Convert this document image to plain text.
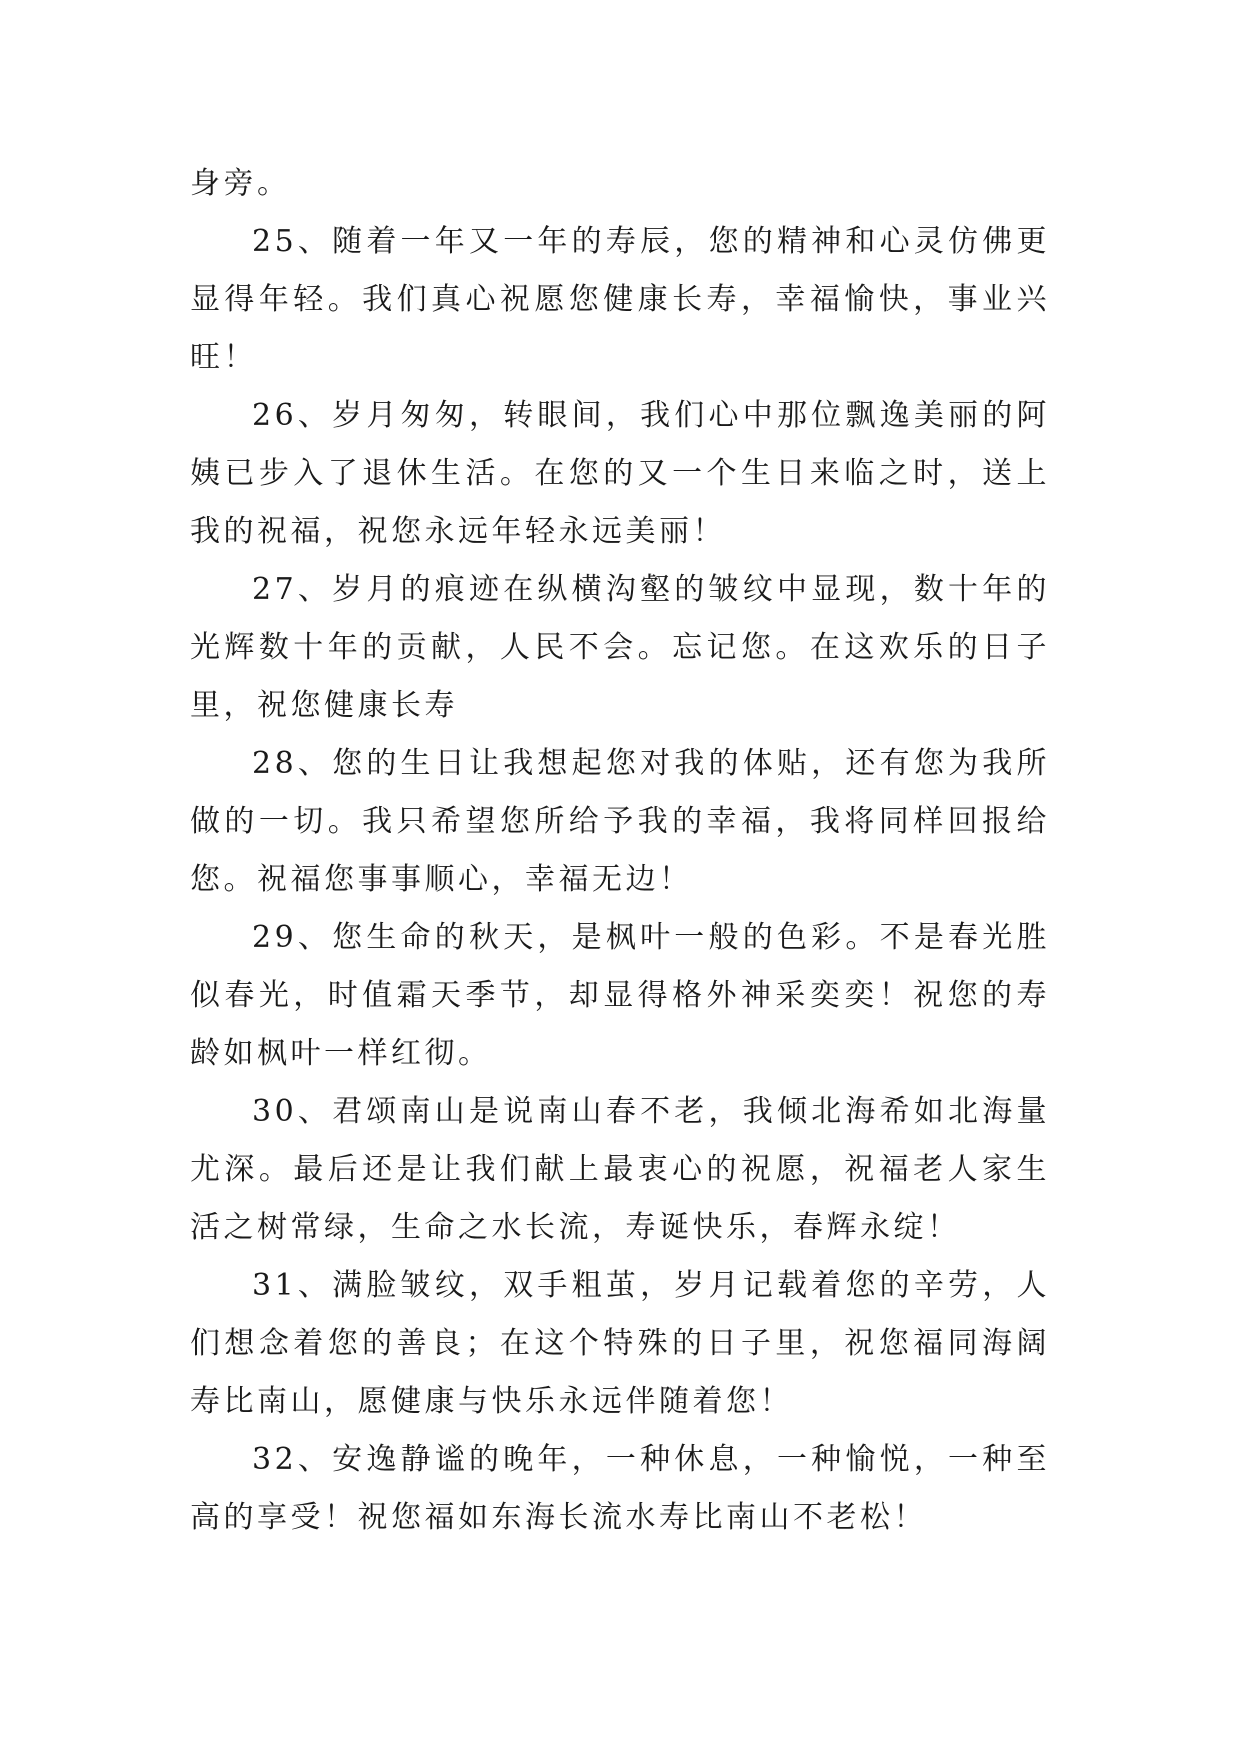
身旁。

25、随着一年又一年的寿辰，您的精神和心灵仿佛更显得年轻。我们真心祝愿您健康长寿，幸福愉快，事业兴旺！

26、岁月匆匆，转眼间，我们心中那位飘逸美丽的阿姨已步入了退休生活。在您的又一个生日来临之时，送上我的祝福，祝您永远年轻永远美丽！

27、岁月的痕迹在纵横沟壑的皱纹中显现，数十年的光辉数十年的贡献，人民不会。忘记您。在这欢乐的日子里，祝您健康长寿

28、您的生日让我想起您对我的体贴，还有您为我所做的一切。我只希望您所给予我的幸福，我将同样回报给您。祝福您事事顺心，幸福无边！

29、您生命的秋天，是枫叶一般的色彩。不是春光胜似春光，时值霜天季节，却显得格外神采奕奕！祝您的寿龄如枫叶一样红彻。

30、君颂南山是说南山春不老，我倾北海希如北海量尤深。最后还是让我们献上最衷心的祝愿，祝福老人家生活之树常绿，生命之水长流，寿诞快乐，春辉永绽！

31、满脸皱纹，双手粗茧，岁月记载着您的辛劳，人们想念着您的善良；在这个特殊的日子里，祝您福同海阔寿比南山，愿健康与快乐永远伴随着您！

32、安逸静谧的晚年，一种休息，一种愉悦，一种至高的享受！祝您福如东海长流水寿比南山不老松！
